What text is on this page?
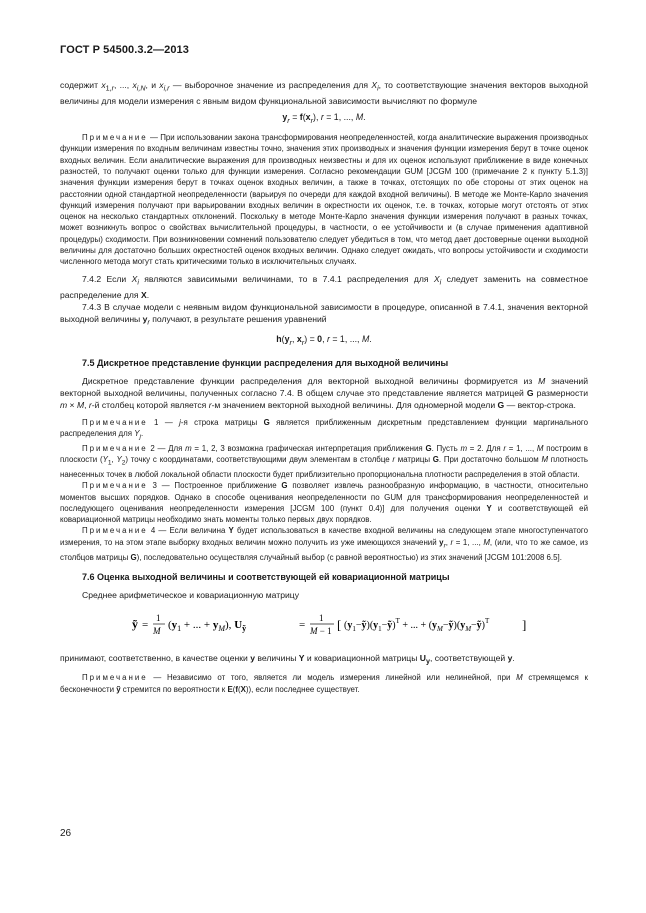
ГОСТ Р 54500.3.2—2013

содержит $x_{1,r}$, ..., $x_{i,N}$, и $x_{i,r}$ — выборочное значение из распределения для $X_i$, то соответствующие значения векторов выходной величины для модели измерения с явным видом функциональной зависимости вычисляют по формуле

$y_r = f(x_r)$, r = 1, ..., M.

Примечание — При использовании закона трансформирования неопределенностей, когда аналитические выражения производных функции измерения по входным величинам известны точно, значения этих производных и значения функции измерения берут в точке оценок входных величин. Если аналитические выражения для производных неизвестны и для их оценок используют приближение в виде конечных разностей, то получают оценки только для функции измерения. Согласно рекомендации GUM [JCGM 100 (примечание 2 к пункту 5.1.3)] значения функции измерения берут в точках оценок входных величин, а также в точках, отстоящих по обе стороны от этих оценок на расстоянии одной стандартной неопределенности (варьируя по очереди для каждой входной величины). В методе же Монте-Карло значения функций измерения получают при варьировании входных величин в окрестности их оценок, т.е. в точках, которые могут отстоять от этих оценок на несколько стандартных отклонений. Поскольку в методе Монте-Карло значения функции измерения получают в разных точках, может возникнуть вопрос о свойствах вычислительной процедуры, в частности, о ее устойчивости и (в случае применения адаптивной процедуры) сходимости. При возникновении сомнений пользователю следует убедиться в том, что метод дает достоверные оценки выходной величины для достаточно больших окрестностей оценок входных величин. Однако следует ожидать, что вопросы устойчивости и сходимости численного метода могут стать критическими только в исключительных случаях.

7.4.2 Если $X_i$ являются зависимыми величинами, то в 7.4.1 распределения для $X_i$ следует заменить на совместное распределение для X.

7.4.3 В случае модели с неявным видом функциональной зависимости в процедуре, описанной в 7.4.1, значения векторной выходной величины $y_r$ получают, в результате решения уравнений

$h(y_r$, $x_r) = 0$, r = 1, ..., M.
7.5 Дискретное представление функции распределения для выходной величины

Дискретное представление функции распределения для векторной выходной величины формируется из M значений векторной выходной величины, полученных согласно 7.4. В общем случае это представление является матрицей G размерности m × M, r-й столбец которой является r-м значением векторной выходной величины. Для одномерной модели G — вектор-строка.

Примечание 1 — j-я строка матрицы G является приближенным дискретным представлением функции маргинального распределения для $Y_j$.

Примечание 2 — Для m = 1, 2, 3 возможна графическая интерпретация приближения G. Пусть m = 2. Для r = 1, ..., M построим в плоскости ($Y_1$, $Y_2$) точку с координатами, соответствующими двум элементам в столбце r матрицы G. При достаточно большом M плотность нанесенных точек в любой локальной области плоскости будет приблизительно пропорциональна плотности распределения в этой области.

Примечание 3 — Построенное приближение G позволяет извлечь разнообразную информацию, в частности, относительно моментов высших порядков. Однако в способе оценивания неопределенности по GUM для трансформирования неопределенностей и последующего оценивания неопределенности измерения [JCGM 100 (пункт 0.4)] для получения оценки Y и соответствующей ей ковариационной матрицы необходимо знать моменты только первых двух порядков.

Примечание 4 — Если величина Y будет использоваться в качестве входной величины на следующем этапе многоступенчатого измерения, то на этом этапе выборку входных величин можно получить из уже имеющихся значений $y_r$, r = 1, ..., M, (или, что то же самое, из столбцов матрицы G), последовательно осуществляя случайный выбор (с равной вероятностью) из этих значений [JCGM 101:2008 6.5].

7.6 Оценка выходной величины и соответствующей ей ковариационной матрицы

Среднее арифметическое и ковариационную матрицу

ỹ =
1
M ($y_1$ + ... + $y_M$), $U_ỹ$	=
1
M − 1 [ $(y_1-ỹ)(y_1-ỹ)^T$ + ... + $(y_M-ỹ)(y_M-ỹ)^T$	]

принимают, соответственно, в качестве оценки y величины Y и ковариационной матрицы $U_y$, соответствующей y.

Примечание — Независимо от того, является ли модель измерения линейной или нелинейной, при M стремящемся к бесконечности ỹ стремится по вероятности к E(f(X)), если последнее существует.

26
